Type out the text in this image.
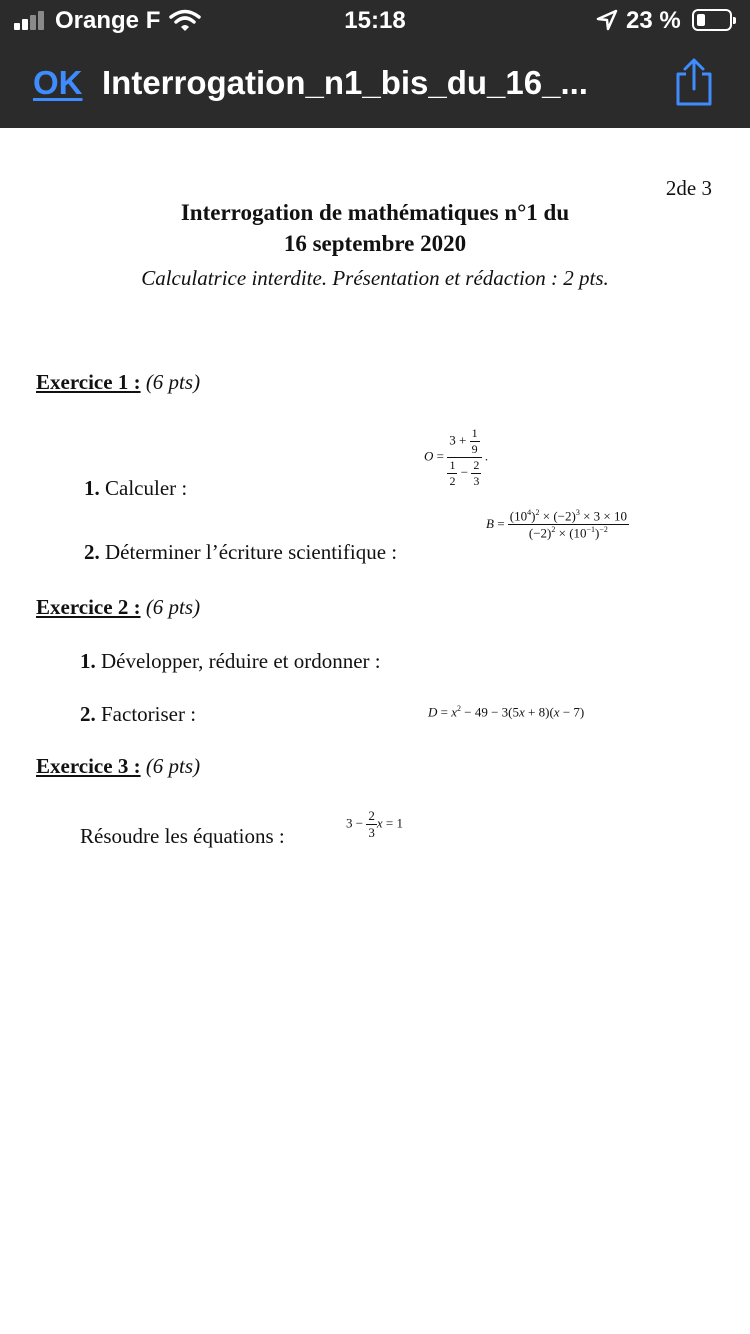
Orange F	15:18	23 %
OK Interrogation_n1_bis_du_16_...
2de 3
Interrogation de mathématiques n°1 du
16 septembre 2020
Calculatrice interdite. Présentation et rédaction : 2 pts.
Exercice 1 : (6 pts)
$O = \frac{3 + \frac{1}{9}}{\frac{1}{2} - \frac{2}{3}}$ .
1. Calculer :
$B = \frac{(10^4)^2 \times (-2)^3 \times 3 \times 10}{(-2)^2 \times (10^{-1})^{-2}}$
2. Déterminer l’écriture scientifique :
Exercice 2 : (6 pts)
1. Développer, réduire et ordonner :
2. Factoriser :	$D = x^2 - 49 - 3(5x + 8)(x - 7)$
Exercice 3 : (6 pts)
Résoudre les équations :
$3 - \frac{2}{3}$ x = 1
